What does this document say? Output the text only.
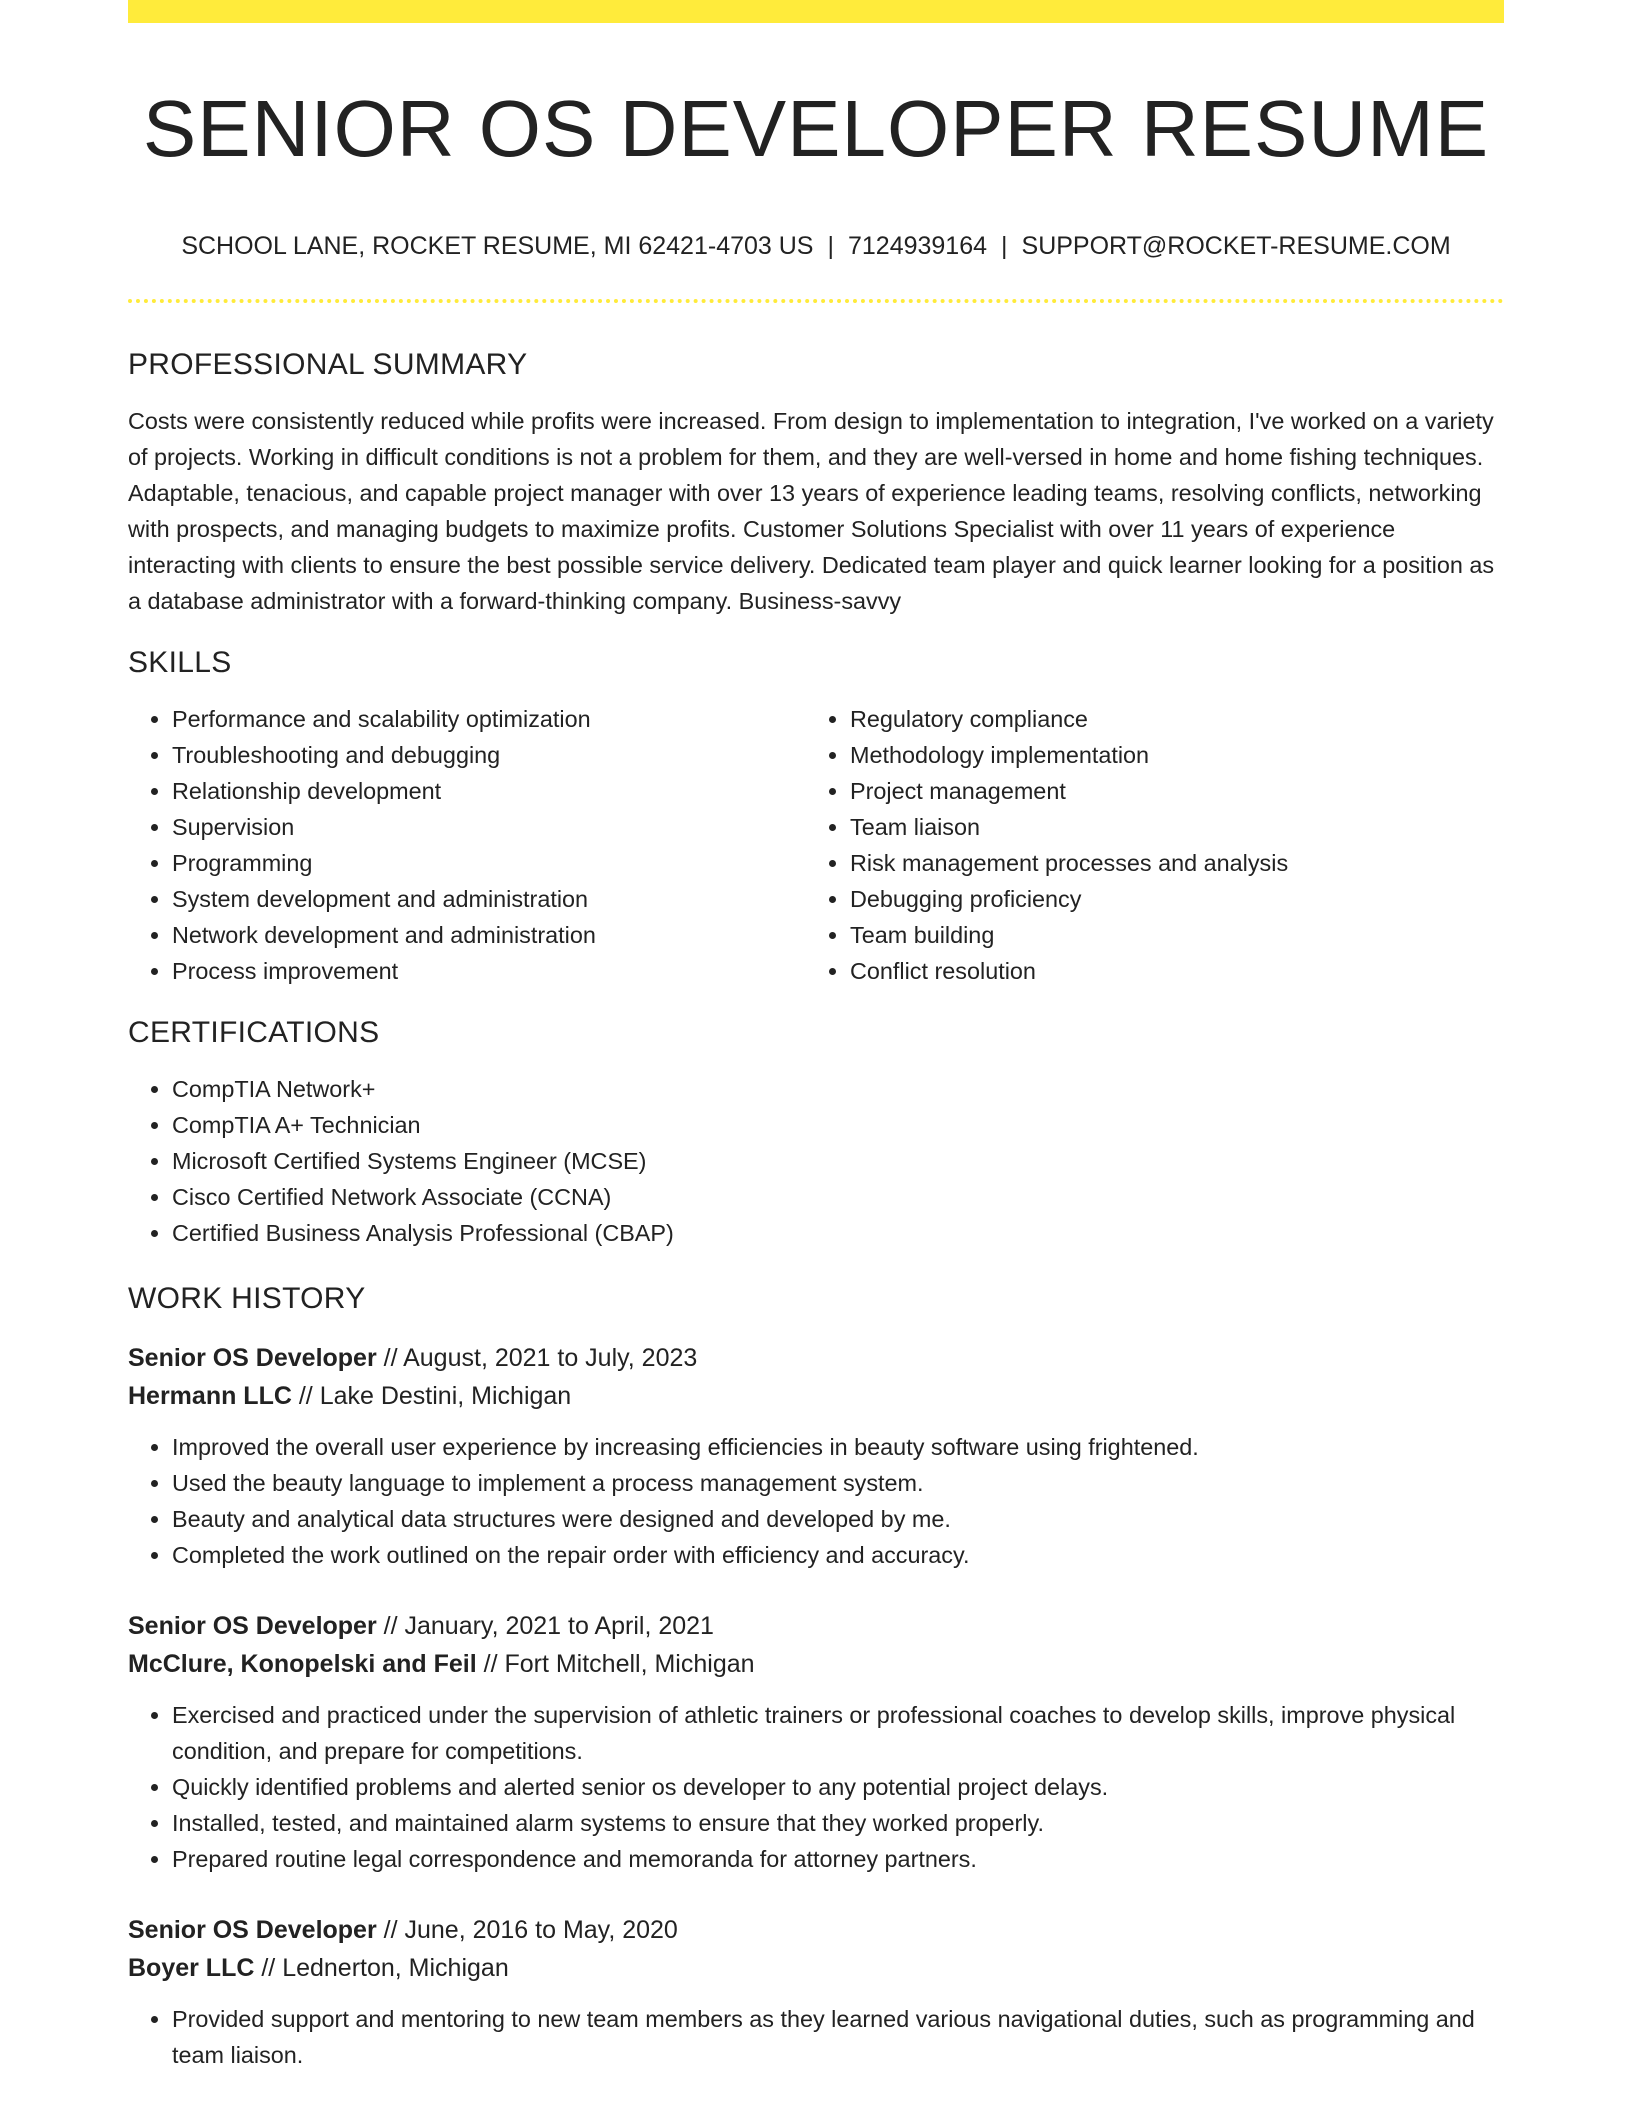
SENIOR OS DEVELOPER RESUME
SCHOOL LANE, ROCKET RESUME, MI 62421-4703 US | 7124939164 | SUPPORT@ROCKET-RESUME.COM
PROFESSIONAL SUMMARY

Costs were consistently reduced while profits were increased. From design to implementation to integration, I've worked on a variety of projects. Working in difficult conditions is not a problem for them, and they are well-versed in home and home fishing techniques. Adaptable, tenacious, and capable project manager with over 13 years of experience leading teams, resolving conflicts, networking with prospects, and managing budgets to maximize profits. Customer Solutions Specialist with over 11 years of experience interacting with clients to ensure the best possible service delivery. Dedicated team player and quick learner looking for a position as a database administrator with a forward-thinking company. Business-savvy

SKILLS
• Performance and scalability optimization
• Troubleshooting and debugging
• Relationship development
• Supervision
• Programming
• System development and administration
• Network development and administration
• Process improvement
• Regulatory compliance
• Methodology implementation
• Project management
• Team liaison
• Risk management processes and analysis
• Debugging proficiency
• Team building
• Conflict resolution
CERTIFICATIONS
• CompTIA Network+
• CompTIA A+ Technician
• Microsoft Certified Systems Engineer (MCSE)
• Cisco Certified Network Associate (CCNA)
• Certified Business Analysis Professional (CBAP)
WORK HISTORY
Senior OS Developer // August, 2021 to July, 2023
Hermann LLC // Lake Destini, Michigan
• Improved the overall user experience by increasing efficiencies in beauty software using frightened.
• Used the beauty language to implement a process management system.
• Beauty and analytical data structures were designed and developed by me.
• Completed the work outlined on the repair order with efficiency and accuracy.
Senior OS Developer // January, 2021 to April, 2021
McClure, Konopelski and Feil // Fort Mitchell, Michigan
• Exercised and practiced under the supervision of athletic trainers or professional coaches to develop skills, improve physical condition, and prepare for competitions.
• Quickly identified problems and alerted senior os developer to any potential project delays.
• Installed, tested, and maintained alarm systems to ensure that they worked properly.
• Prepared routine legal correspondence and memoranda for attorney partners.
Senior OS Developer // June, 2016 to May, 2020
Boyer LLC // Lednerton, Michigan
• Provided support and mentoring to new team members as they learned various navigational duties, such as programming and team liaison.
